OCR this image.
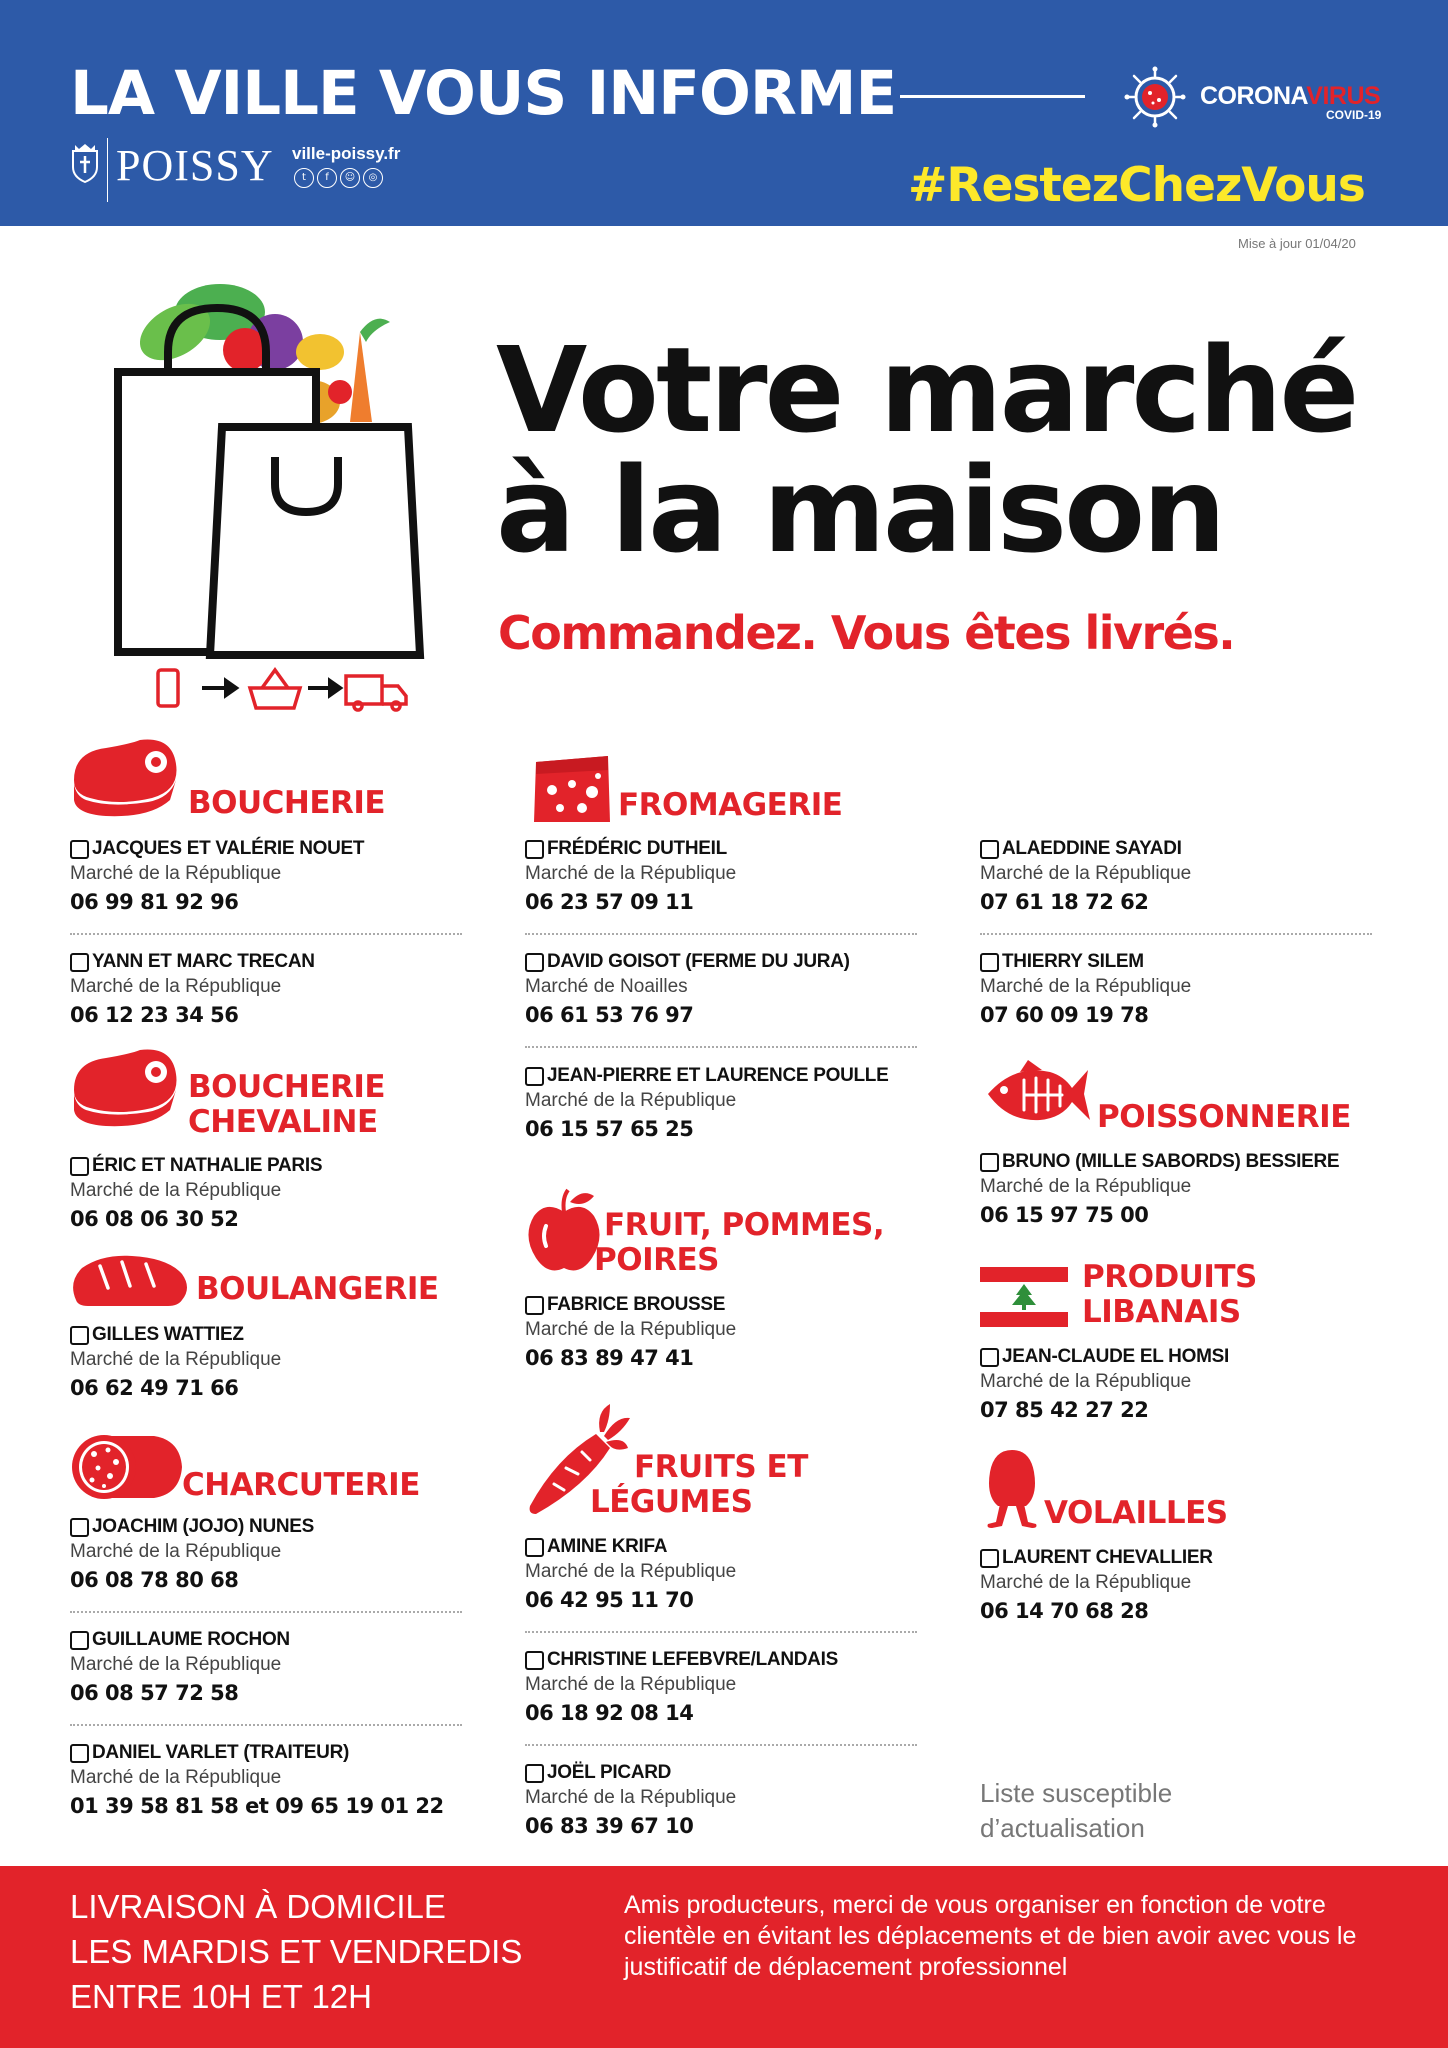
LA VILLE VOUS INFORME	CORONAVIRUS
COVID-19
POISSY ville-poissy.fr
t	f	☺	◎	#RestezChezVous
Mise à jour 01/04/20
Votre marché
à la maison
Commandez. Vous êtes livrés.
BOUCHERIE
JACQUES ET VALÉRIE NOUET
Marché de la République
06 99 81 92 96
YANN ET MARC TRECAN
Marché de la République
06 12 23 34 56
BOUCHERIE
CHEVALINE
ÉRIC ET NATHALIE PARIS
Marché de la République
06 08 06 30 52
BOULANGERIE
GILLES WATTIEZ
Marché de la République
06 62 49 71 66
CHARCUTERIE
JOACHIM (JOJO) NUNES
Marché de la République
06 08 78 80 68
GUILLAUME ROCHON
Marché de la République
06 08 57 72 58
DANIEL VARLET (TRAITEUR)
Marché de la République
01 39 58 81 58 et 09 65 19 01 22
FROMAGERIE
FRÉDÉRIC DUTHEIL
Marché de la République
06 23 57 09 11
DAVID GOISOT (FERME DU JURA)
Marché de Noailles
06 61 53 76 97
JEAN-PIERRE ET LAURENCE POULLE
Marché de la République
06 15 57 65 25
FRUIT, POMMES,
POIRES
FABRICE BROUSSE
Marché de la République
06 83 89 47 41
FRUITS ET
LÉGUMES
AMINE KRIFA
Marché de la République
06 42 95 11 70
CHRISTINE LEFEBVRE/LANDAIS
Marché de la République
06 18 92 08 14
JOËL PICARD
Marché de la République
06 83 39 67 10
ALAEDDINE SAYADI
Marché de la République
07 61 18 72 62
THIERRY SILEM
Marché de la République
07 60 09 19 78
POISSONNERIE
BRUNO (MILLE SABORDS) BESSIERE
Marché de la République
06 15 97 75 00
PRODUITS
LIBANAIS
JEAN-CLAUDE EL HOMSI
Marché de la République
07 85 42 27 22
VOLAILLES
LAURENT CHEVALLIER
Marché de la République
06 14 70 68 28
Liste susceptible
d’actualisation
LIVRAISON À DOMICILE
LES MARDIS ET VENDREDIS
ENTRE 10H ET 12H
Amis producteurs, merci de vous organiser en fonction de votre clientèle en évitant les déplacements et de bien avoir avec vous le justificatif de déplacement professionnel
